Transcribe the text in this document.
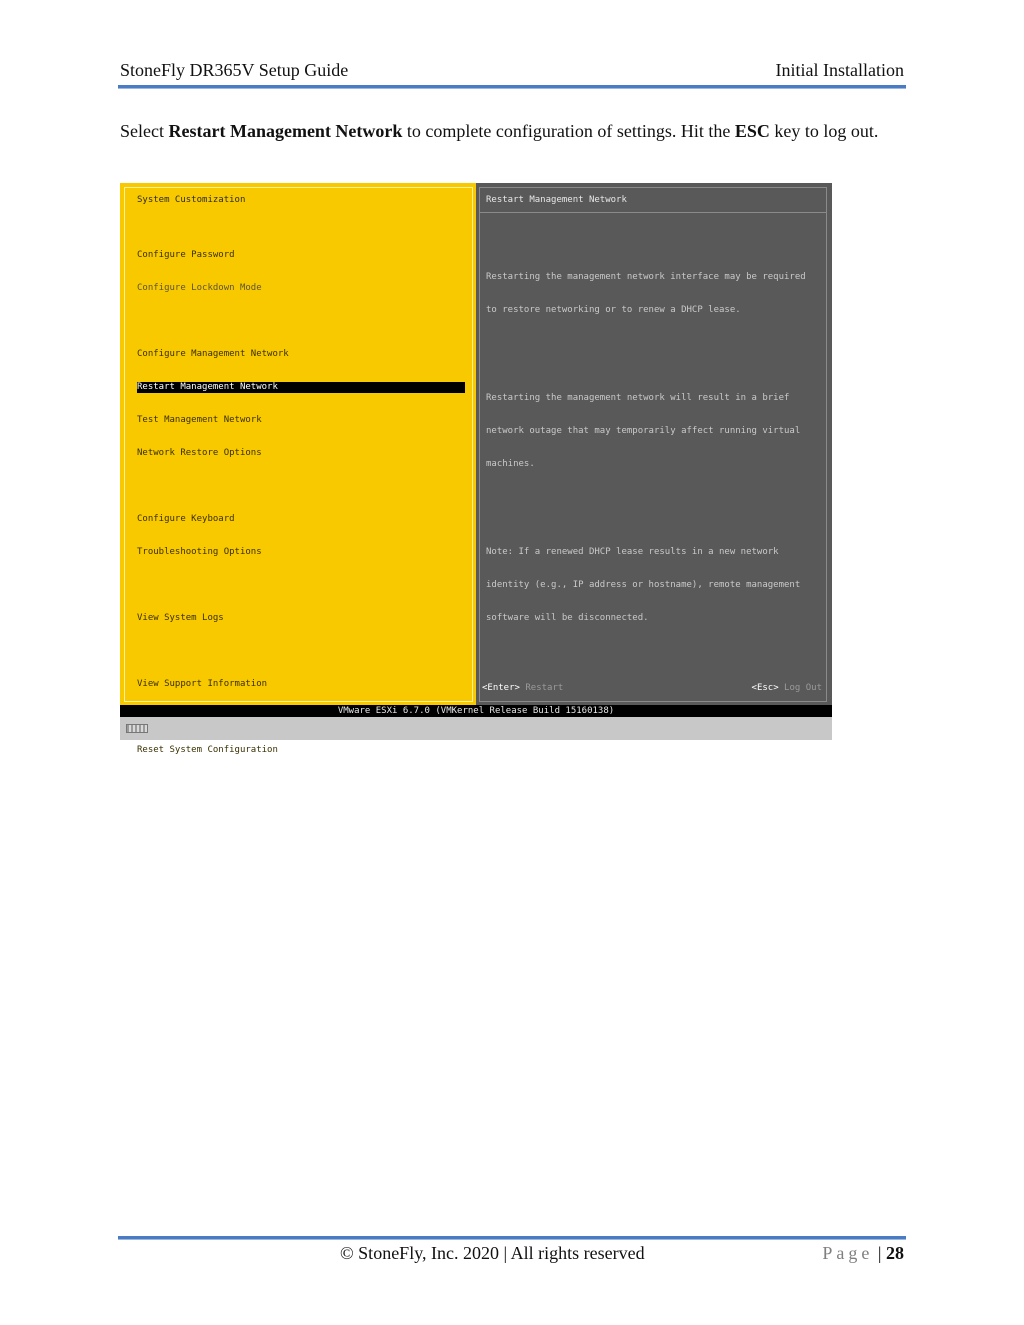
StoneFly DR365V Setup Guide	Initial Installation

Select Restart Management Network to complete configuration of settings. Hit the ESC key to log out.

System Customization

Configure Password

Configure Lockdown Mode

Configure Management Network

Restart Management Network

Test Management Network

Network Restore Options

Configure Keyboard

Troubleshooting Options

View System Logs

View Support Information

Reset System Configuration

Restart Management Network

Restarting the management network interface may be required

to restore networking or to renew a DHCP lease.

Restarting the management network will result in a brief

network outage that may temporarily affect running virtual

machines.

Note: If a renewed DHCP lease results in a new network

identity (e.g., IP address or hostname), remote management

software will be disconnected.

<Enter> Restart	<Esc> Log Out
VMware ESXi 6.7.0 (VMKernel Release Build 15160138)
© StoneFly, Inc. 2020 | All rights reserved	Page | 28
